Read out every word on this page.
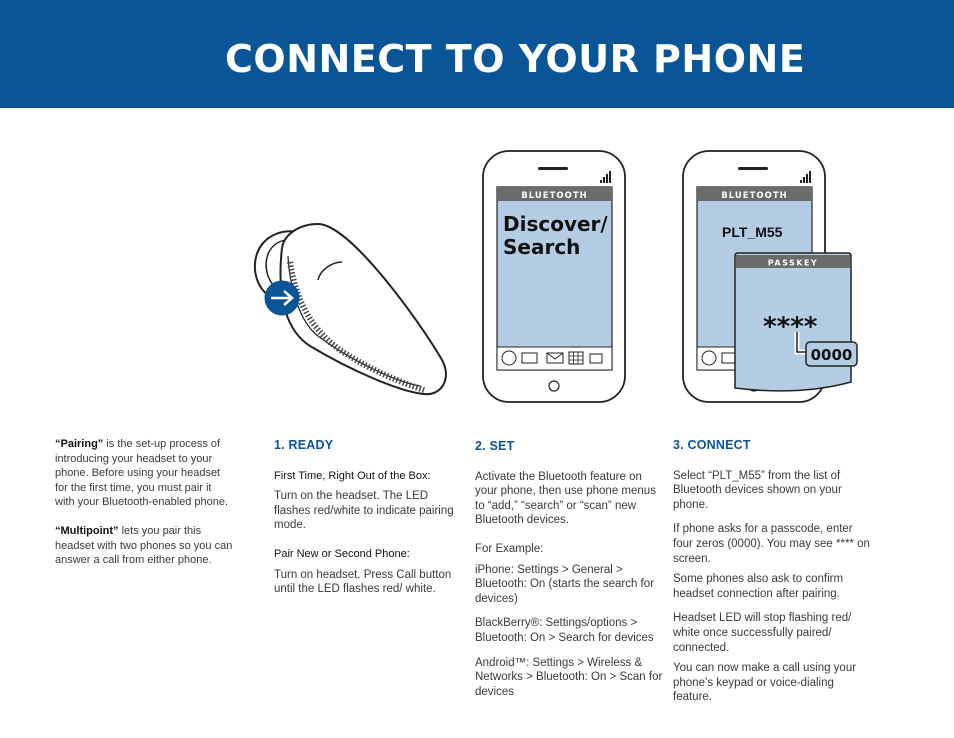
CONNECT TO YOUR PHONE
BLUETOOTH
Discover/
Search
BLUETOOTH
PLT_M55
PASSKEY
****
0000

“Pairing” is the set-up process of introducing your headset to your phone. Before using your headset for the first time, you must pair it with your Bluetooth-enabled phone.

“Multipoint” lets you pair this headset with two phones so you can answer a call from either phone.

1. READY

First Time, Right Out of the Box:

Turn on the headset. The LED flashes red/white to indicate pairing mode.

Pair New or Second Phone:

Turn on headset. Press Call button until the LED flashes red/ white.

2. SET

Activate the Bluetooth feature on your phone, then use phone menus to “add,” “search” or “scan” new Bluetooth devices.

For Example:

iPhone: Settings > General > Bluetooth: On (starts the search for devices)

BlackBerry®: Settings/options > Bluetooth: On > Search for devices

Android™: Settings > Wireless & Networks > Bluetooth: On > Scan for devices

3. CONNECT

Select “PLT_M55” from the list of Bluetooth devices shown on your phone.

If phone asks for a passcode, enter four zeros (0000). You may see **** on screen.

Some phones also ask to confirm headset connection after pairing.

Headset LED will stop flashing red/ white once successfully paired/ connected.

You can now make a call using your phone’s keypad or voice-dialing feature.
